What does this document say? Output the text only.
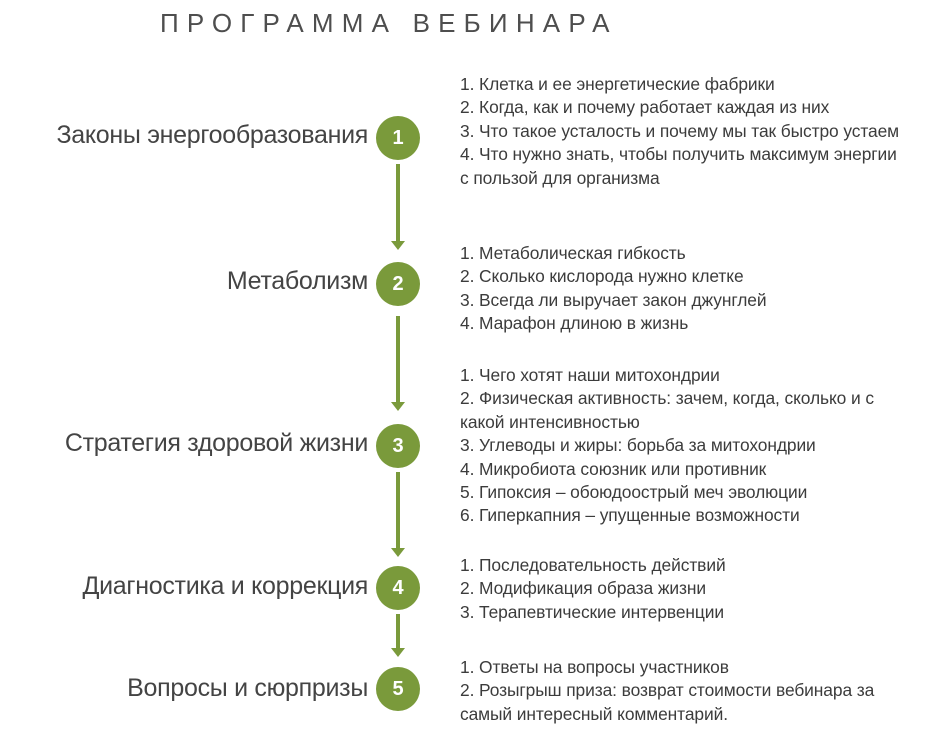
ПРОГРАММА ВЕБИНАРА
Законы энергообразования	1
1. Клетка и ее энергетические фабрики
2. Когда, как и почему работает каждая из них
3. Что такое усталость и почему мы так быстро устаем
4. Что нужно знать, чтобы получить максимум энергии с пользой для организма
Метаболизм	2
1. Метаболическая гибкость
2. Сколько кислорода нужно клетке
3. Всегда ли выручает закон джунглей
4. Марафон длиною в жизнь
Стратегия здоровой жизни	3
1. Чего хотят наши митохондрии
2. Физическая активность: зачем, когда, сколько и с какой интенсивностью
3. Углеводы и жиры: борьба за митохондрии
4. Микробиота союзник или противник
5. Гипоксия – обоюдоострый меч эволюции
6. Гиперкапния – упущенные возможности
Диагностика и коррекция	4
1. Последовательность действий
2. Модификация образа жизни
3. Терапевтические интервенции
Вопросы и сюрпризы	5
1. Ответы на вопросы участников
2. Розыгрыш приза: возврат стоимости вебинара за самый интересный комментарий.
